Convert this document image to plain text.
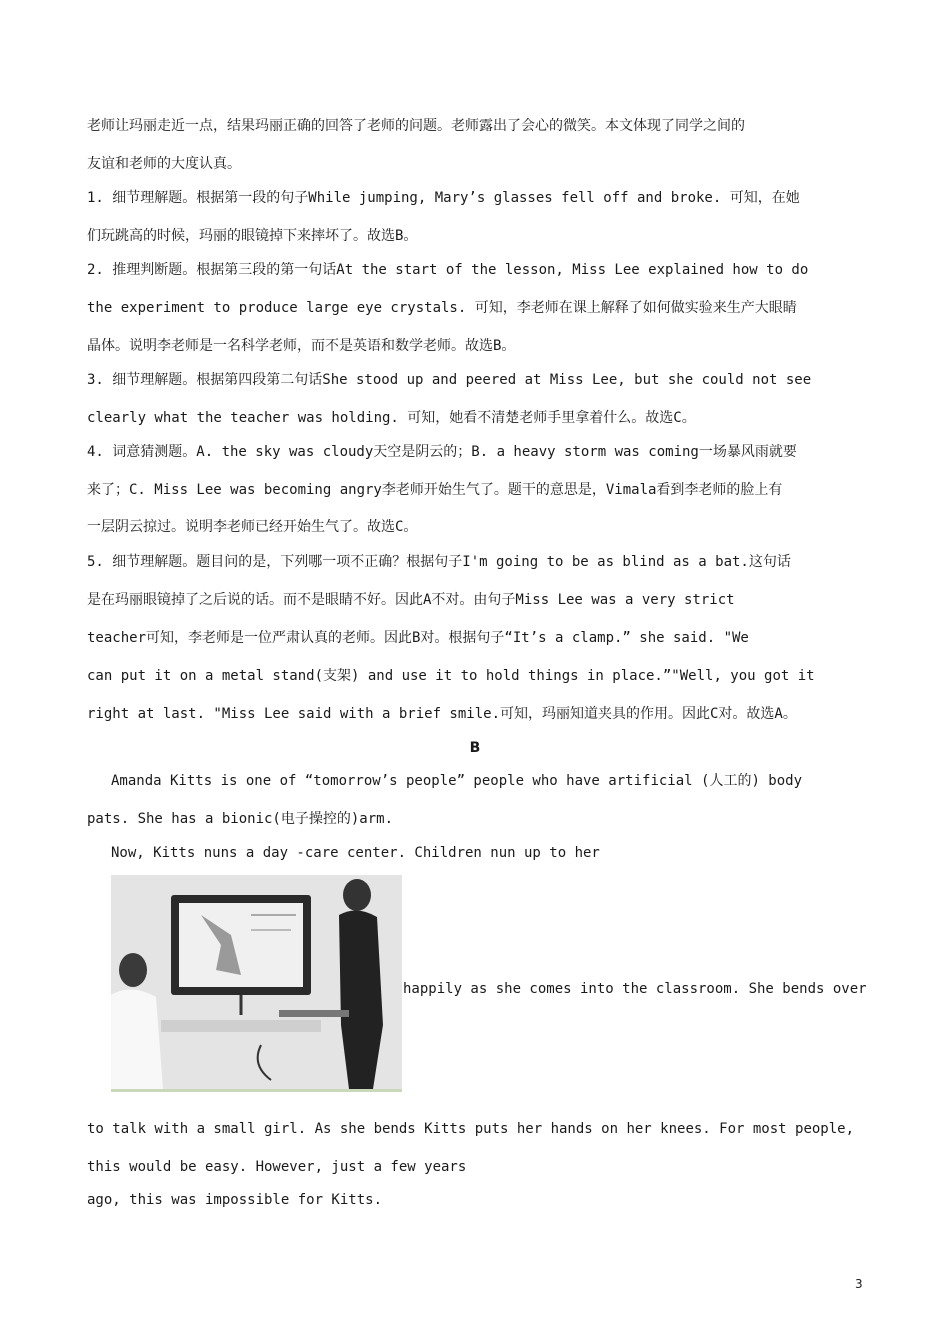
老师让玛丽走近一点，结果玛丽正确的回答了老师的问题。老师露出了会心的微笑。本文体现了同学之间的
友谊和老师的大度认真。
1. 细节理解题。根据第一段的句子While jumping, Mary’s glasses fell off and broke. 可知，在她
们玩跳高的时候，玛丽的眼镜掉下来摔坏了。故选B。
2. 推理判断题。根据第三段的第一句话At the start of the lesson, Miss Lee explained how to do
the experiment to produce large eye crystals. 可知，李老师在课上解释了如何做实验来生产大眼睛
晶体。说明李老师是一名科学老师，而不是英语和数学老师。故选B。
3. 细节理解题。根据第四段第二句话She stood up and peered at Miss Lee, but she could not see
clearly what the teacher was holding. 可知，她看不清楚老师手里拿着什么。故选C。
4. 词意猜测题。A. the sky was cloudy天空是阴云的；B. a heavy storm was coming一场暴风雨就要
来了；C. Miss Lee was becoming angry李老师开始生气了。题干的意思是，Vimala看到李老师的脸上有
一层阴云掠过。说明李老师已经开始生气了。故选C。
5. 细节理解题。题目问的是，下列哪一项不正确？根据句子I'm going to be as blind as a bat.这句话
是在玛丽眼镜掉了之后说的话。而不是眼睛不好。因此A不对。由句子Miss Lee was a very strict
teacher可知，李老师是一位严肃认真的老师。因此B对。根据句子“It’s a clamp.” she said. "We
can put it on a metal stand(支架) and use it to hold things in place.”"Well, you got it
right at last. "Miss Lee said with a brief smile.可知，玛丽知道夹具的作用。因此C对。故选A。
B
Amanda Kitts is one of “tomorrow’s people” people who have artificial (人工的) body
pats. She has a bionic(电子操控的)arm.
Now, Kitts nuns a day -care center. Children nun up to her
happily as she comes into the classroom. She bends over
to talk with a small girl. As she bends Kitts puts her hands on her knees. For most people,
this would be easy. However, just a few years
ago, this was impossible for Kitts.
3
